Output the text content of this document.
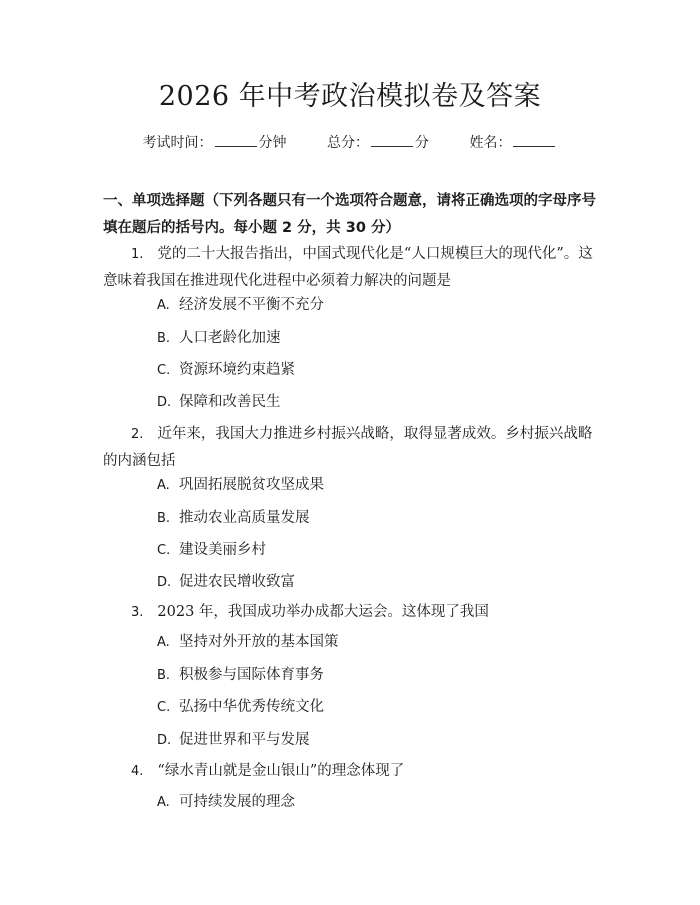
2026 年中考政治模拟卷及答案
考试时间：	分钟	总分：	分	姓名：
一、单项选择题（下列各题只有一个选项符合题意，请将正确选项的字母序号填在题后的括号内。每小题 2 分，共 30 分）
1. 党的二十大报告指出，中国式现代化是“人口规模巨大的现代化”。这意味着我国在推进现代化进程中必须着力解决的问题是
A. 经济发展不平衡不充分
B. 人口老龄化加速
C. 资源环境约束趋紧
D. 保障和改善民生
2. 近年来，我国大力推进乡村振兴战略，取得显著成效。乡村振兴战略的内涵包括
A. 巩固拓展脱贫攻坚成果
B. 推动农业高质量发展
C. 建设美丽乡村
D. 促进农民增收致富
3. 2023 年，我国成功举办成都大运会。这体现了我国
A. 坚持对外开放的基本国策
B. 积极参与国际体育事务
C. 弘扬中华优秀传统文化
D. 促进世界和平与发展
4. “绿水青山就是金山银山”的理念体现了
A. 可持续发展的理念
